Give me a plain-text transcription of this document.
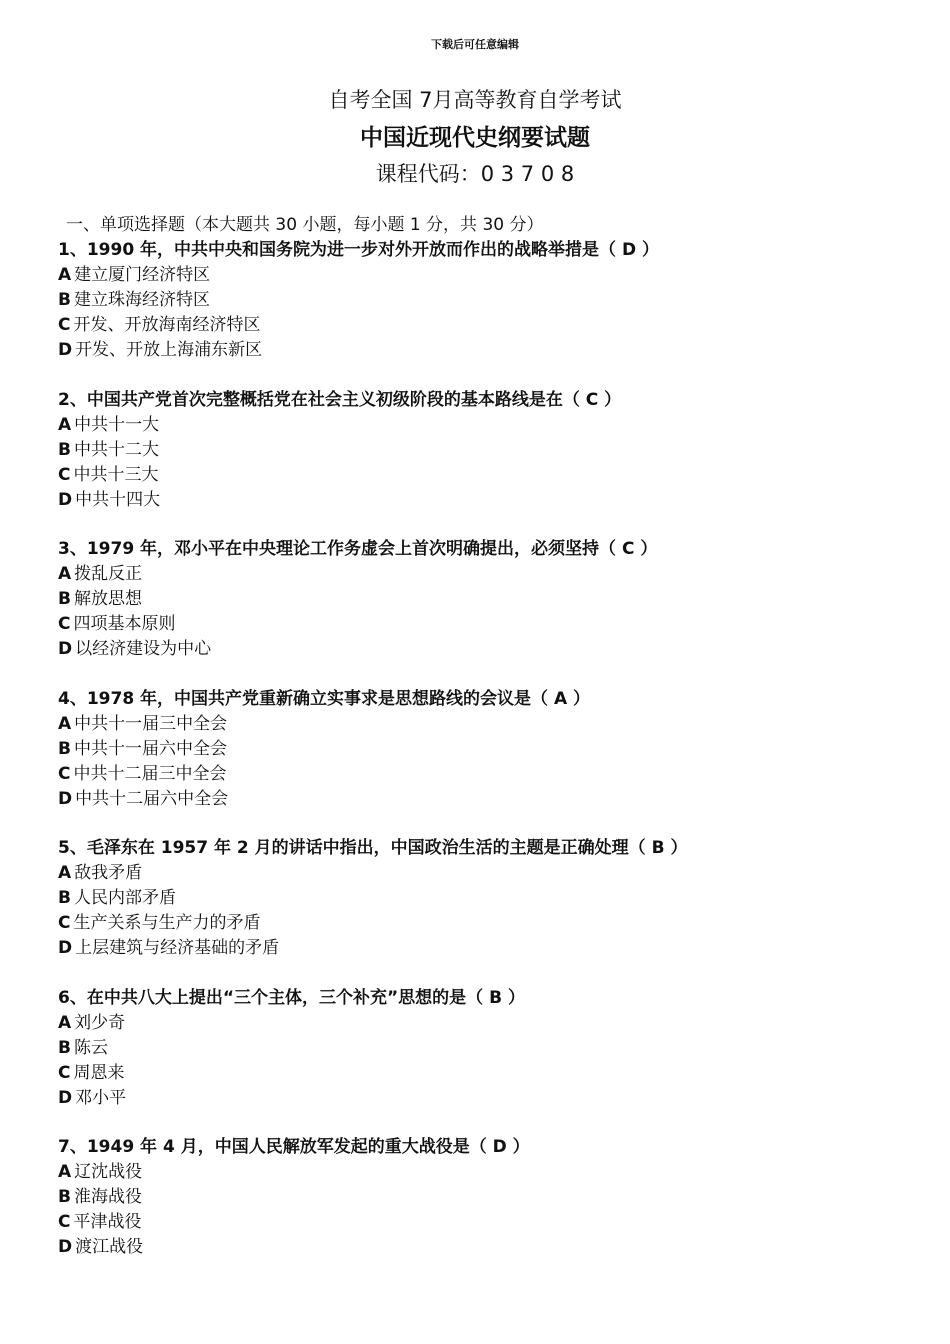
下载后可任意编辑
自考全国 7月高等教育自学考试
中国近现代史纲要试题
课程代码：0 3 7 0 8
一、单项选择题（本大题共 30 小题，每小题 1 分，共 30 分）
1、1990 年，中共中央和国务院为进一步对外开放而作出的战略举措是（ D ）
A 建立厦门经济特区
B 建立珠海经济特区
C 开发、开放海南经济特区
D 开发、开放上海浦东新区
2、中国共产党首次完整概括党在社会主义初级阶段的基本路线是在（ C ）
A 中共十一大
B 中共十二大
C 中共十三大
D 中共十四大
3、1979 年，邓小平在中央理论工作务虚会上首次明确提出，必须坚持（ C ）
A 拨乱反正
B 解放思想
C 四项基本原则
D 以经济建设为中心
4、1978 年，中国共产党重新确立实事求是思想路线的会议是（ A ）
A 中共十一届三中全会
B 中共十一届六中全会
C 中共十二届三中全会
D 中共十二届六中全会
5、毛泽东在 1957 年 2 月的讲话中指出，中国政治生活的主题是正确处理（ B ）
A 敌我矛盾
B 人民内部矛盾
C 生产关系与生产力的矛盾
D 上层建筑与经济基础的矛盾
6、在中共八大上提出“三个主体，三个补充”思想的是（ B ）
A 刘少奇
B 陈云
C 周恩来
D 邓小平
7、1949 年 4 月，中国人民解放军发起的重大战役是（ D ）
A 辽沈战役
B 淮海战役
C 平津战役
D 渡江战役
